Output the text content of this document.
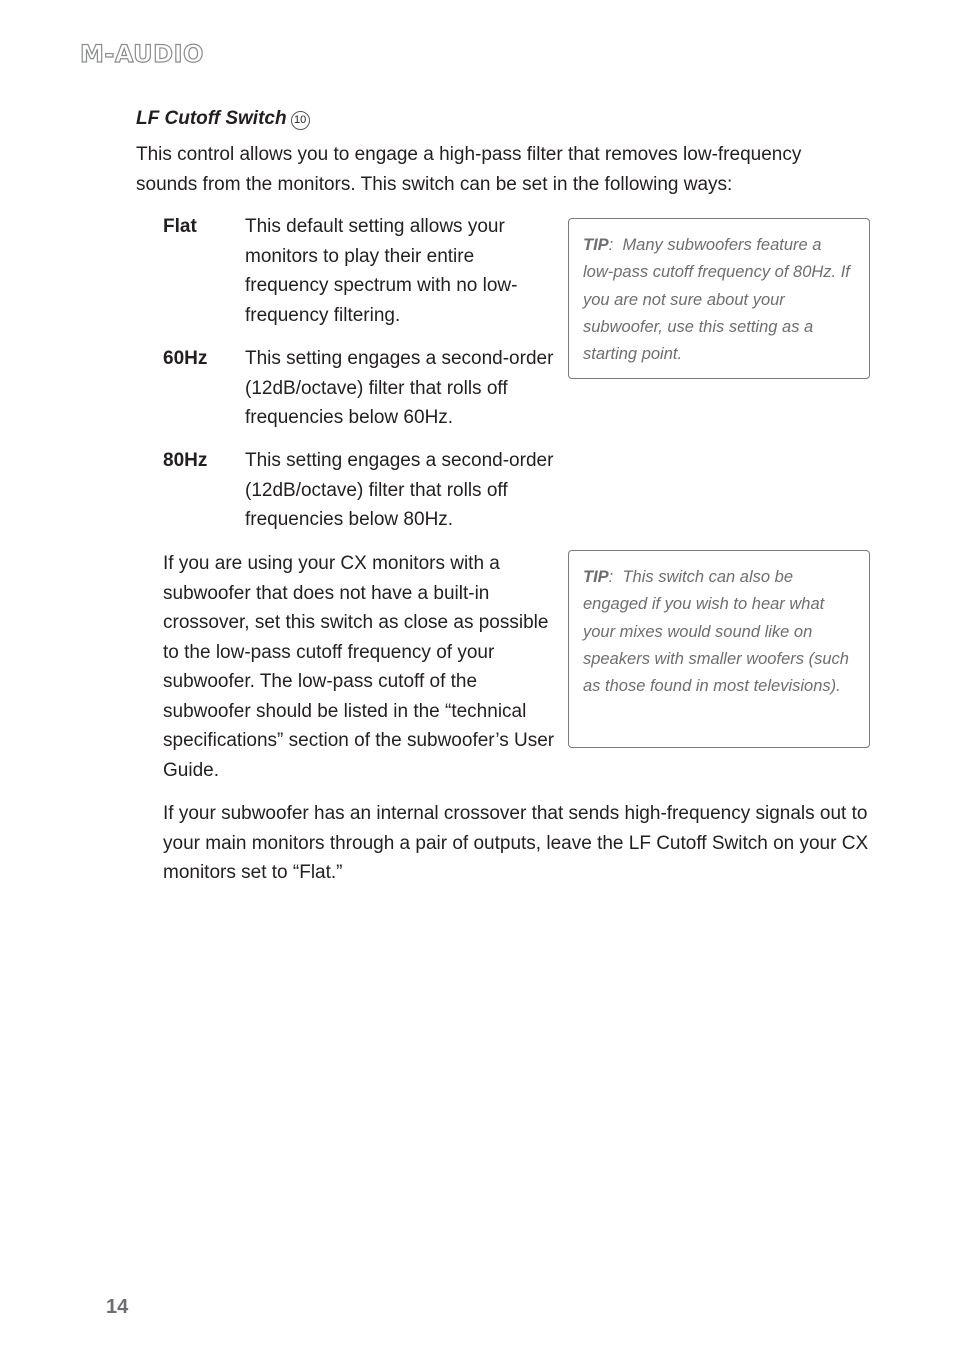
M-AUDIO
LF Cutoff Switch 10

This control allows you to engage a high-pass filter that removes low-frequency sounds from the monitors. This switch can be set in the following ways:

Flat	This default setting allows your monitors to play their entire frequency spectrum with no low-frequency filtering.

60Hz	This setting engages a second-order (12dB/octave) filter that rolls off frequencies below 60Hz.

80Hz	This setting engages a second-order (12dB/octave) filter that rolls off frequencies below 80Hz.

If you are using your CX monitors with a subwoofer that does not have a built-in crossover, set this switch as close as possible to the low-pass cutoff frequency of your subwoofer. The low-pass cutoff of the subwoofer should be listed in the “technical specifications” section of the subwoofer’s User Guide.

If your subwoofer has an internal crossover that sends high-frequency signals out to your main monitors through a pair of outputs, leave the LF Cutoff Switch on your CX monitors set to “Flat.”

TIP:  Many subwoofers feature a low-pass cutoff frequency of 80Hz. If you are not sure about your subwoofer, use this setting as a starting point.
TIP:  This switch can also be engaged if you wish to hear what your mixes would sound like on speakers with smaller woofers (such as those found in most televisions).
14
